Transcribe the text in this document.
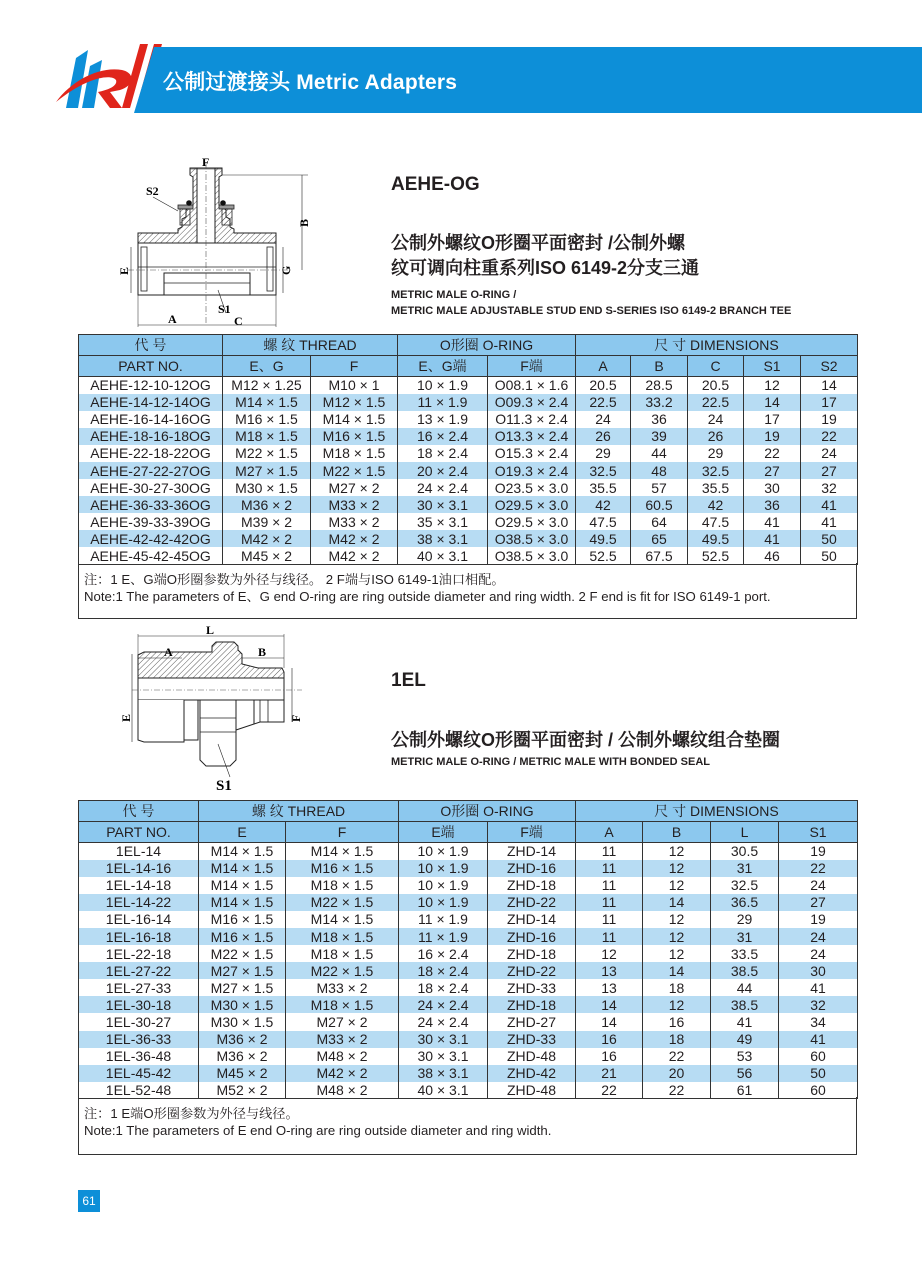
公制过渡接头 Metric Adapters
F
S2
B
E	G
S1
A	C
AEHE-OG
公制外螺纹O形圈平面密封 /公制外螺
纹可调向柱重系列ISO 6149-2分支三通
METRIC MALE O-RING /
METRIC MALE ADJUSTABLE STUD END S-SERIES ISO 6149-2 BRANCH TEE
代 号	螺 纹 THREAD		O形圈 O-RING		尺 寸 DIMENSIONS				
PART NO.	E、G	F	E、G端	F端	A	B	C	S1	S2
AEHE-12-10-12OG	M12 × 1.25	M10 × 1	10 × 1.9	O08.1 × 1.6	20.5	28.5	20.5	12	14
AEHE-14-12-14OG	M14 × 1.5	M12 × 1.5	11 × 1.9	O09.3 × 2.4	22.5	33.2	22.5	14	17
AEHE-16-14-16OG	M16 × 1.5	M14 × 1.5	13 × 1.9	O11.3 × 2.4	24	36	24	17	19
AEHE-18-16-18OG	M18 × 1.5	M16 × 1.5	16 × 2.4	O13.3 × 2.4	26	39	26	19	22
AEHE-22-18-22OG	M22 × 1.5	M18 × 1.5	18 × 2.4	O15.3 × 2.4	29	44	29	22	24
AEHE-27-22-27OG	M27 × 1.5	M22 × 1.5	20 × 2.4	O19.3 × 2.4	32.5	48	32.5	27	27
AEHE-30-27-30OG	M30 × 1.5	M27 × 2	24 × 2.4	O23.5 × 3.0	35.5	57	35.5	30	32
AEHE-36-33-36OG	M36 × 2	M33 × 2	30 × 3.1	O29.5 × 3.0	42	60.5	42	36	41
AEHE-39-33-39OG	M39 × 2	M33 × 2	35 × 3.1	O29.5 × 3.0	47.5	64	47.5	41	41
AEHE-42-42-42OG	M42 × 2	M42 × 2	38 × 3.1	O38.5 × 3.0	49.5	65	49.5	41	50
AEHE-45-42-45OG	M45 × 2	M42 × 2	40 × 3.1	O38.5 × 3.0	52.5	67.5	52.5	46	50
注：1 E、G端O形圈参数为外径与线径。 2 F端与ISO 6149-1油口相配。
Note:1 The parameters of E、G end O-ring are ring outside diameter and ring width. 2 F end is fit for ISO 6149-1 port.
L
A	B
E	F
S1
1EL
公制外螺纹O形圈平面密封 / 公制外螺纹组合垫圈
METRIC MALE O-RING / METRIC MALE WITH BONDED SEAL
代 号	螺 纹 THREAD		O形圈 O-RING		尺 寸 DIMENSIONS			
PART NO.	E	F	E端	F端	A	B	L	S1
1EL-14	M14 × 1.5	M14 × 1.5	10 × 1.9	ZHD-14	11	12	30.5	19
1EL-14-16	M14 × 1.5	M16 × 1.5	10 × 1.9	ZHD-16	11	12	31	22
1EL-14-18	M14 × 1.5	M18 × 1.5	10 × 1.9	ZHD-18	11	12	32.5	24
1EL-14-22	M14 × 1.5	M22 × 1.5	10 × 1.9	ZHD-22	11	14	36.5	27
1EL-16-14	M16 × 1.5	M14 × 1.5	11 × 1.9	ZHD-14	11	12	29	19
1EL-16-18	M16 × 1.5	M18 × 1.5	11 × 1.9	ZHD-16	11	12	31	24
1EL-22-18	M22 × 1.5	M18 × 1.5	16 × 2.4	ZHD-18	12	12	33.5	24
1EL-27-22	M27 × 1.5	M22 × 1.5	18 × 2.4	ZHD-22	13	14	38.5	30
1EL-27-33	M27 × 1.5	M33 × 2	18 × 2.4	ZHD-33	13	18	44	41
1EL-30-18	M30 × 1.5	M18 × 1.5	24 × 2.4	ZHD-18	14	12	38.5	32
1EL-30-27	M30 × 1.5	M27 × 2	24 × 2.4	ZHD-27	14	16	41	34
1EL-36-33	M36 × 2	M33 × 2	30 × 3.1	ZHD-33	16	18	49	41
1EL-36-48	M36 × 2	M48 × 2	30 × 3.1	ZHD-48	16	22	53	60
1EL-45-42	M45 × 2	M42 × 2	38 × 3.1	ZHD-42	21	20	56	50
1EL-52-48	M52 × 2	M48 × 2	40 × 3.1	ZHD-48	22	22	61	60
注：1 E端O形圈参数为外径与线径。
Note:1 The parameters of E end O-ring are ring outside diameter and ring width.
61
